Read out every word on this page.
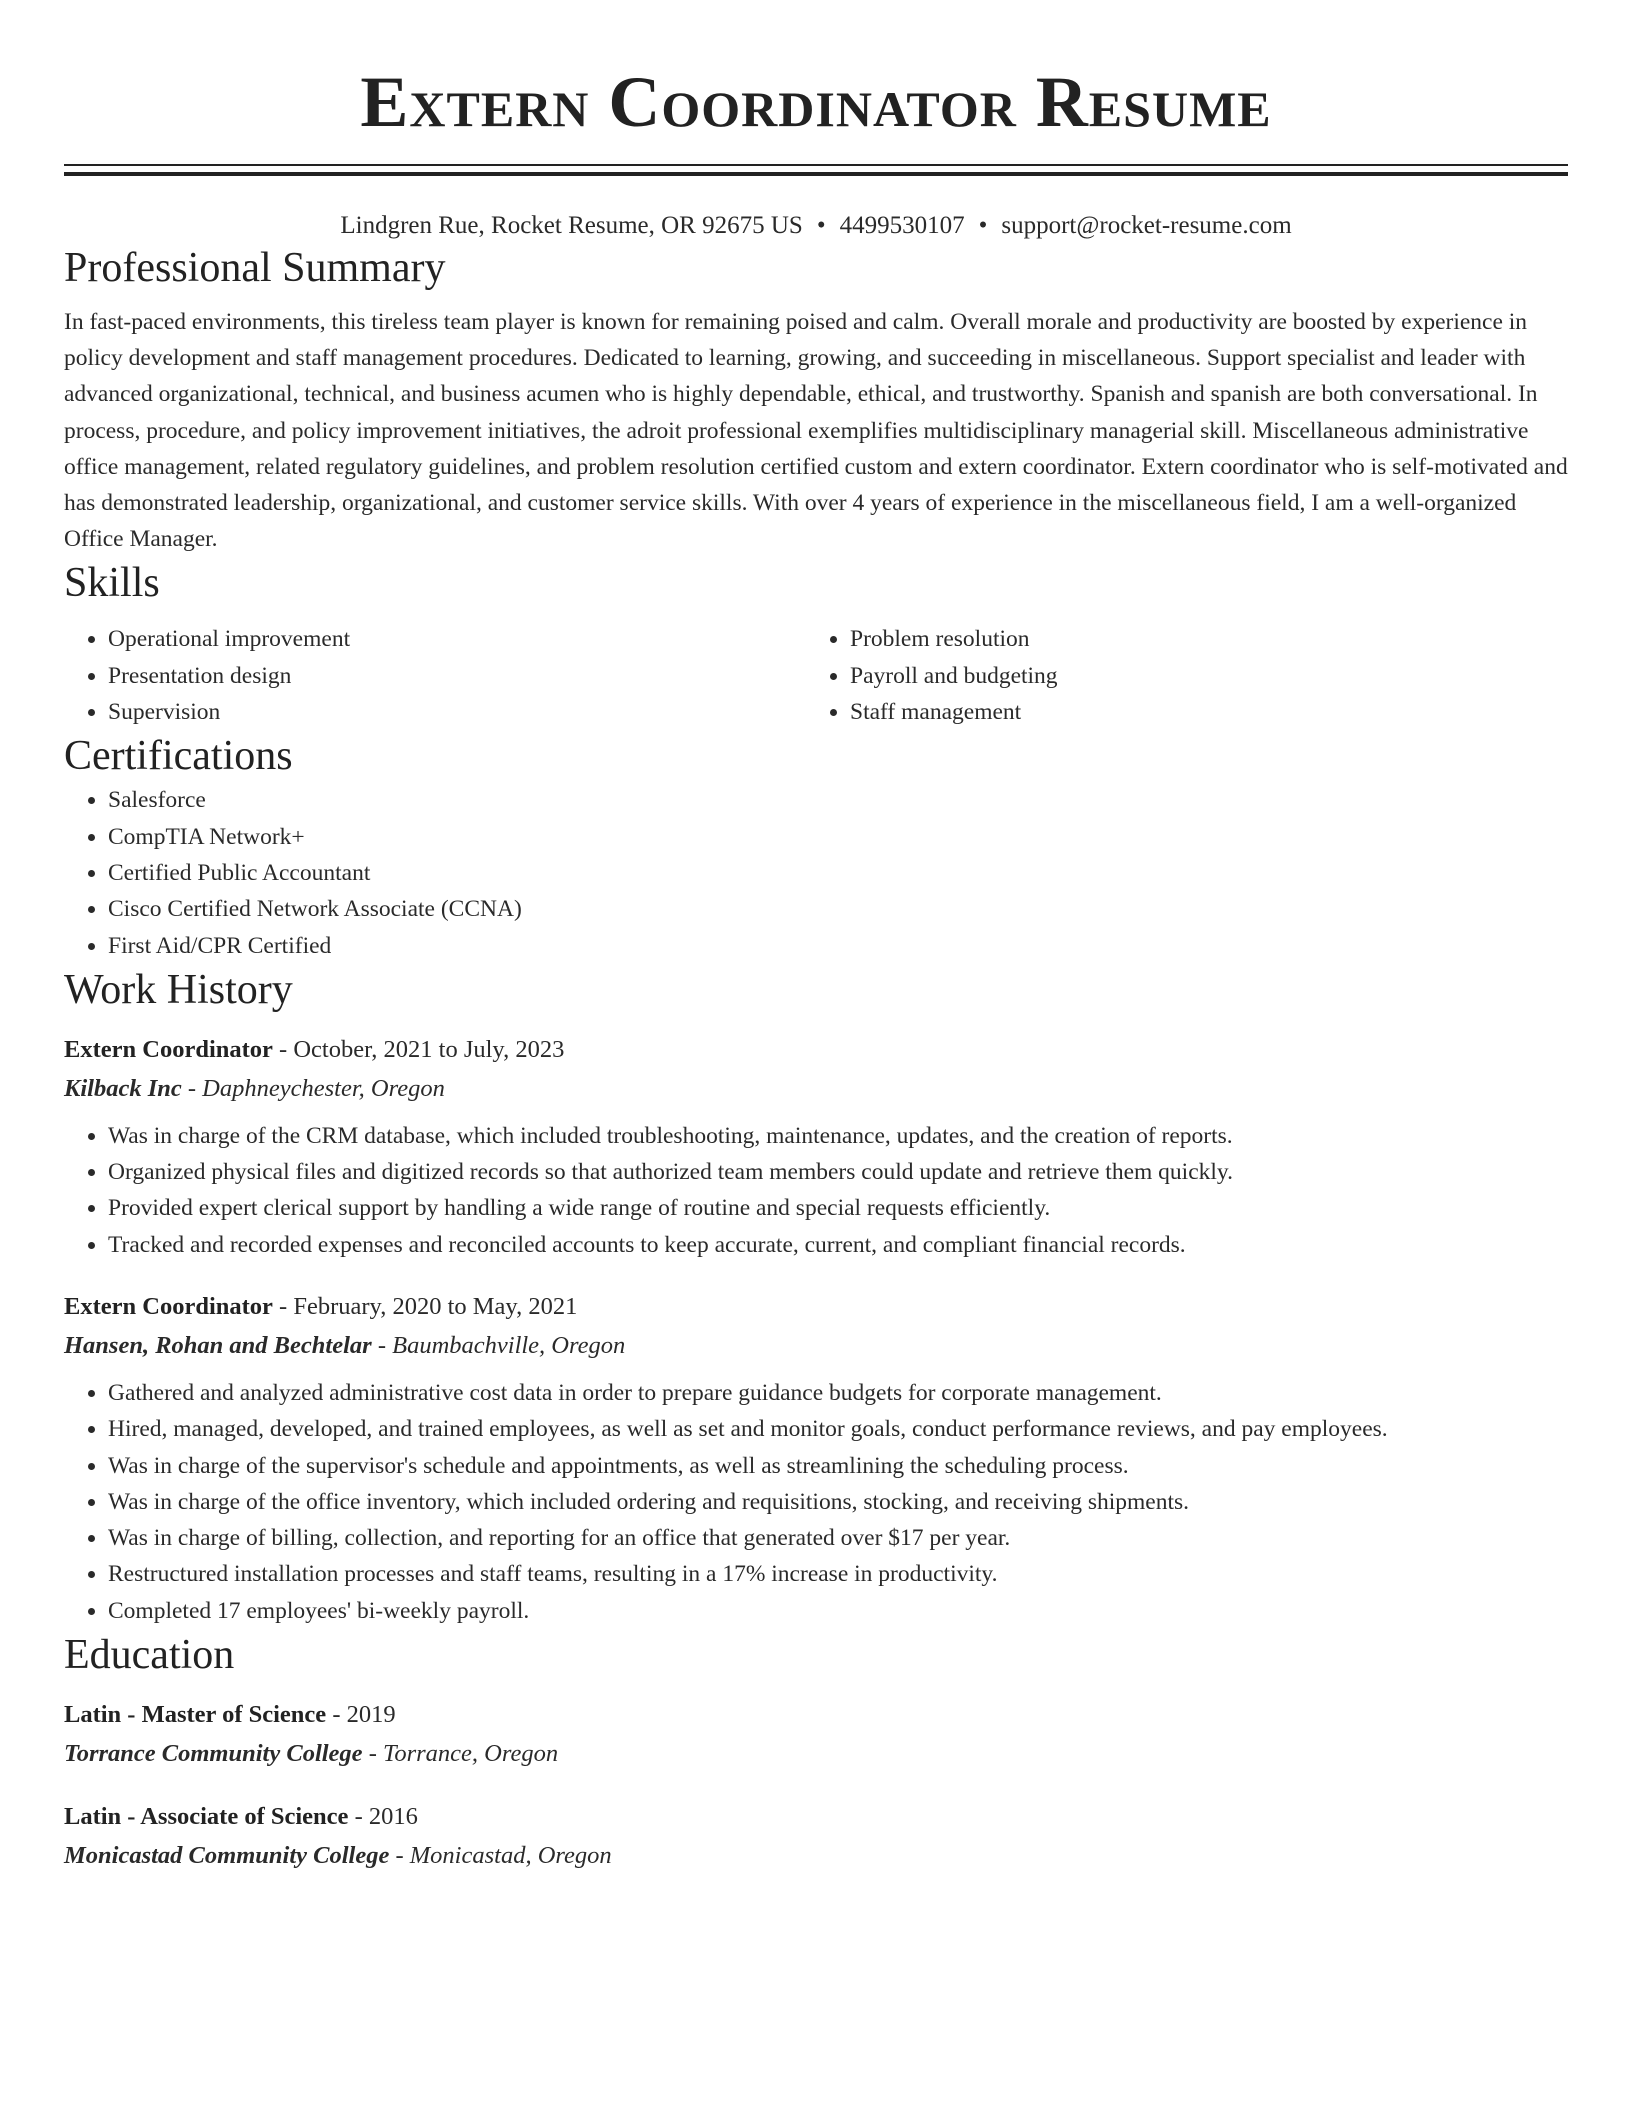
Extern Coordinator Resume
Lindgren Rue, Rocket Resume, OR 92675 US • 4499530107 • support@rocket-resume.com
Professional Summary

In fast-paced environments, this tireless team player is known for remaining poised and calm. Overall morale and productivity are boosted by experience in policy development and staff management procedures. Dedicated to learning, growing, and succeeding in miscellaneous. Support specialist and leader with advanced organizational, technical, and business acumen who is highly dependable, ethical, and trustworthy. Spanish and spanish are both conversational. In process, procedure, and policy improvement initiatives, the adroit professional exemplifies multidisciplinary managerial skill. Miscellaneous administrative office management, related regulatory guidelines, and problem resolution certified custom and extern coordinator. Extern coordinator who is self-motivated and has demonstrated leadership, organizational, and customer service skills. With over 4 years of experience in the miscellaneous field, I am a well-organized Office Manager.

Skills
• Operational improvement
• Presentation design
• Supervision
• Problem resolution
• Payroll and budgeting
• Staff management
Certifications
• Salesforce
• CompTIA Network+
• Certified Public Accountant
• Cisco Certified Network Associate (CCNA)
• First Aid/CPR Certified
Work History
Extern Coordinator - October, 2021 to July, 2023
Kilback Inc - Daphneychester, Oregon
• Was in charge of the CRM database, which included troubleshooting, maintenance, updates, and the creation of reports.
• Organized physical files and digitized records so that authorized team members could update and retrieve them quickly.
• Provided expert clerical support by handling a wide range of routine and special requests efficiently.
• Tracked and recorded expenses and reconciled accounts to keep accurate, current, and compliant financial records.
Extern Coordinator - February, 2020 to May, 2021
Hansen, Rohan and Bechtelar - Baumbachville, Oregon
• Gathered and analyzed administrative cost data in order to prepare guidance budgets for corporate management.
• Hired, managed, developed, and trained employees, as well as set and monitor goals, conduct performance reviews, and pay employees.
• Was in charge of the supervisor's schedule and appointments, as well as streamlining the scheduling process.
• Was in charge of the office inventory, which included ordering and requisitions, stocking, and receiving shipments.
• Was in charge of billing, collection, and reporting for an office that generated over $17 per year.
• Restructured installation processes and staff teams, resulting in a 17% increase in productivity.
• Completed 17 employees' bi-weekly payroll.
Education
Latin - Master of Science - 2019
Torrance Community College - Torrance, Oregon
Latin - Associate of Science - 2016
Monicastad Community College - Monicastad, Oregon
